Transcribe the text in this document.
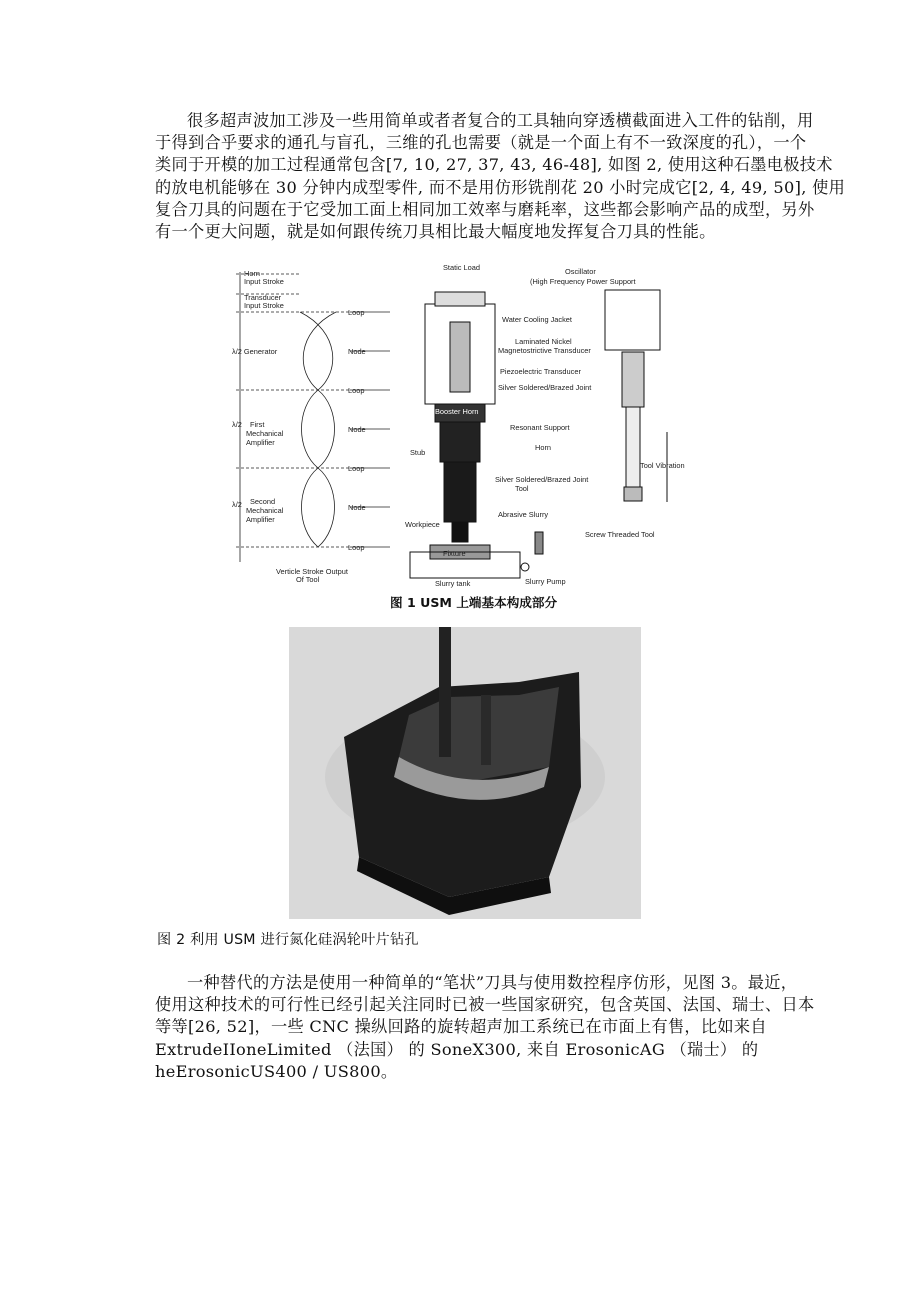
很多超声波加工涉及一些用简单或者者复合的工具轴向穿透横截面进入工件的钻削，用
于得到合乎要求的通孔与盲孔，三维的孔也需要（就是一个面上有不一致深度的孔），一个
类同于开模的加工过程通常包含[7, 10, 27, 37, 43, 46-48], 如图 2, 使用这种石墨电极技术
的放电机能够在 30 分钟内成型零件, 而不是用仿形铣削花 20 小时完成它[2, 4, 49, 50], 使用
复合刀具的问题在于它受加工面上相同加工效率与磨耗率，这些都会影响产品的成型，另外
有一个更大问题，就是如何跟传统刀具相比最大幅度地发挥复合刀具的性能。
Horn
Input Stroke
Transducer
Input Stroke
λ/2 Generator
λ/2 First
Mechanical
Amplifier
λ/2 Second
Mechanical
Amplifier
Verticle Stroke Output
Of Tool
Loop
Node
Loop
Node
Loop
Node
Loop
Static Load	Oscillator
(High Frequency Power Support
Water Cooling Jacket
Laminated Nickel
Magnetostrictive Transducer
Piezoelectric Transducer
Silver Soldered/Brazed Joint
Booster Horn
Resonant Support
Horn
Stub
Silver Soldered/Brazed Joint
Tool
Abrasive Slurry
Workpiece
Fixture
Slurry tank	Slurry Pump
Tool Vibration
Screw Threaded Tool
图 1 USM 上端基本构成部分
图 2 利用 USM 进行氮化硅涡轮叶片钻孔
一种替代的方法是使用一种简单的“笔状”刀具与使用数控程序仿形，见图 3。最近，
使用这种技术的可行性已经引起关注同时已被一些国家研究，包含英国、法国、瑞士、日本
等等[26, 52]，一些 CNC 操纵回路的旋转超声加工系统已在市面上有售，比如来自
ExtrudeIIoneLimited （法国） 的 SoneX300, 来自 ErosonicAG （瑞士） 的
heErosonicUS400 / US800。
